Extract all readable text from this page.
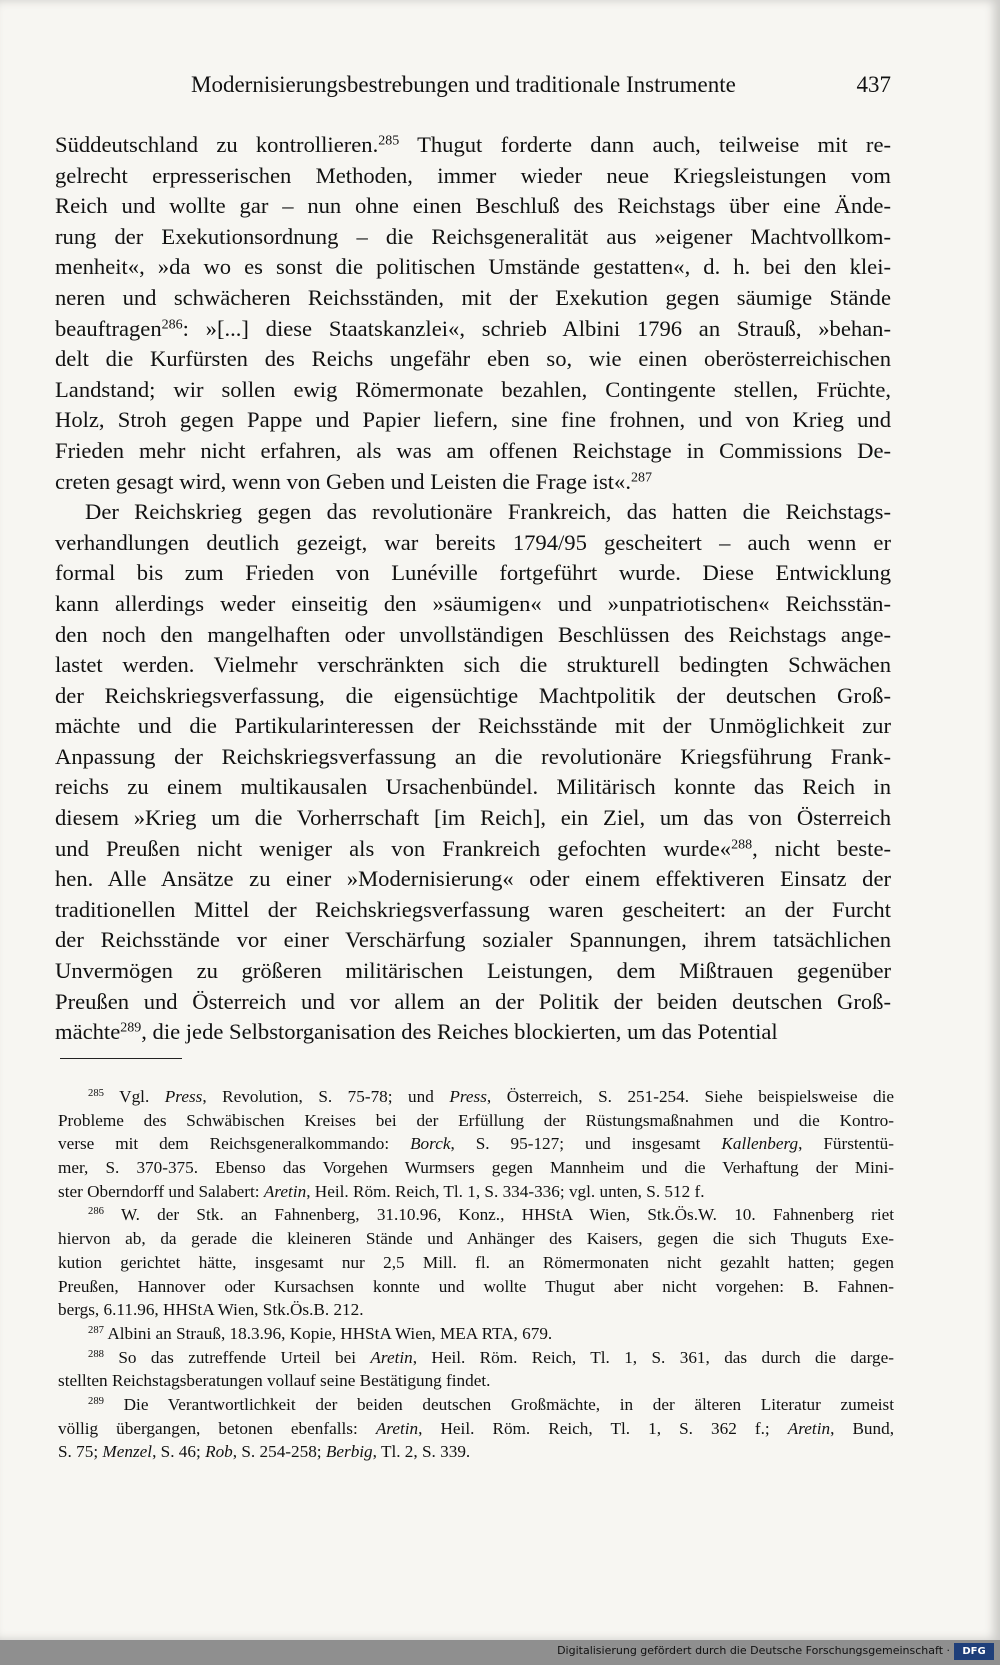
Modernisierungsbestrebungen und traditionale Instrumente	437
Süddeutschland zu kontrollieren.$^{285}$ Thugut forderte dann auch, teilweise mit re-
gelrecht erpresserischen Methoden, immer wieder neue Kriegsleistungen vom
Reich und wollte gar – nun ohne einen Beschluß des Reichstags über eine Ände-
rung der Exekutionsordnung – die Reichsgeneralität aus »eigener Machtvollkom-
menheit«, »da wo es sonst die politischen Umstände gestatten«, d. h. bei den klei-
neren und schwächeren Reichsständen, mit der Exekution gegen säumige Stände
beauftragen$^{286}$: »[...] diese Staatskanzlei«, schrieb Albini 1796 an Strauß, »behan-
delt die Kurfürsten des Reichs ungefähr eben so, wie einen oberösterreichischen
Landstand; wir sollen ewig Römermonate bezahlen, Contingente stellen, Früchte,
Holz, Stroh gegen Pappe und Papier liefern, sine fine frohnen, und von Krieg und
Frieden mehr nicht erfahren, als was am offenen Reichstage in Commissions De-
creten gesagt wird, wenn von Geben und Leisten die Frage ist«.$^{287}$
Der Reichskrieg gegen das revolutionäre Frankreich, das hatten die Reichstags-
verhandlungen deutlich gezeigt, war bereits 1794/95 gescheitert – auch wenn er
formal bis zum Frieden von Lunéville fortgeführt wurde. Diese Entwicklung
kann allerdings weder einseitig den »säumigen« und »unpatriotischen« Reichsstän-
den noch den mangelhaften oder unvollständigen Beschlüssen des Reichstags ange-
lastet werden. Vielmehr verschränkten sich die strukturell bedingten Schwächen
der Reichskriegsverfassung, die eigensüchtige Machtpolitik der deutschen Groß-
mächte und die Partikularinteressen der Reichsstände mit der Unmöglichkeit zur
Anpassung der Reichskriegsverfassung an die revolutionäre Kriegsführung Frank-
reichs zu einem multikausalen Ursachenbündel. Militärisch konnte das Reich in
diesem »Krieg um die Vorherrschaft [im Reich], ein Ziel, um das von Österreich
und Preußen nicht weniger als von Frankreich gefochten wurde«$^{288}$, nicht beste-
hen. Alle Ansätze zu einer »Modernisierung« oder einem effektiveren Einsatz der
traditionellen Mittel der Reichskriegsverfassung waren gescheitert: an der Furcht
der Reichsstände vor einer Verschärfung sozialer Spannungen, ihrem tatsächlichen
Unvermögen zu größeren militärischen Leistungen, dem Mißtrauen gegenüber
Preußen und Österreich und vor allem an der Politik der beiden deutschen Groß-
mächte$^{289}$, die jede Selbstorganisation des Reiches blockierten, um das Potential
$^{285}$ Vgl. Press, Revolution, S. 75-78; und Press, Österreich, S. 251-254. Siehe beispielsweise die
Probleme des Schwäbischen Kreises bei der Erfüllung der Rüstungsmaßnahmen und die Kontro-
verse mit dem Reichsgeneralkommando: Borck, S. 95-127; und insgesamt Kallenberg, Fürstentü-
mer, S. 370-375. Ebenso das Vorgehen Wurmsers gegen Mannheim und die Verhaftung der Mini-
ster Oberndorff und Salabert: Aretin, Heil. Röm. Reich, Tl. 1, S. 334-336; vgl. unten, S. 512 f.
$^{286}$ W. der Stk. an Fahnenberg, 31.10.96, Konz., HHStA Wien, Stk.Ös.W. 10. Fahnenberg riet
hiervon ab, da gerade die kleineren Stände und Anhänger des Kaisers, gegen die sich Thuguts Exe-
kution gerichtet hätte, insgesamt nur 2,5 Mill. fl. an Römermonaten nicht gezahlt hatten; gegen
Preußen, Hannover oder Kursachsen konnte und wollte Thugut aber nicht vorgehen: B. Fahnen-
bergs, 6.11.96, HHStA Wien, Stk.Ös.B. 212.
$^{287}$ Albini an Strauß, 18.3.96, Kopie, HHStA Wien, MEA RTA, 679.
$^{288}$ So das zutreffende Urteil bei Aretin, Heil. Röm. Reich, Tl. 1, S. 361, das durch die darge-
stellten Reichstagsberatungen vollauf seine Bestätigung findet.
$^{289}$ Die Verantwortlichkeit der beiden deutschen Großmächte, in der älteren Literatur zumeist
völlig übergangen, betonen ebenfalls: Aretin, Heil. Röm. Reich, Tl. 1, S. 362 f.; Aretin, Bund,
S. 75; Menzel, S. 46; Rob, S. 254-258; Berbig, Tl. 2, S. 339.
Digitalisierung gefördert durch die Deutsche Forschungsgemeinschaft ·	DFG
